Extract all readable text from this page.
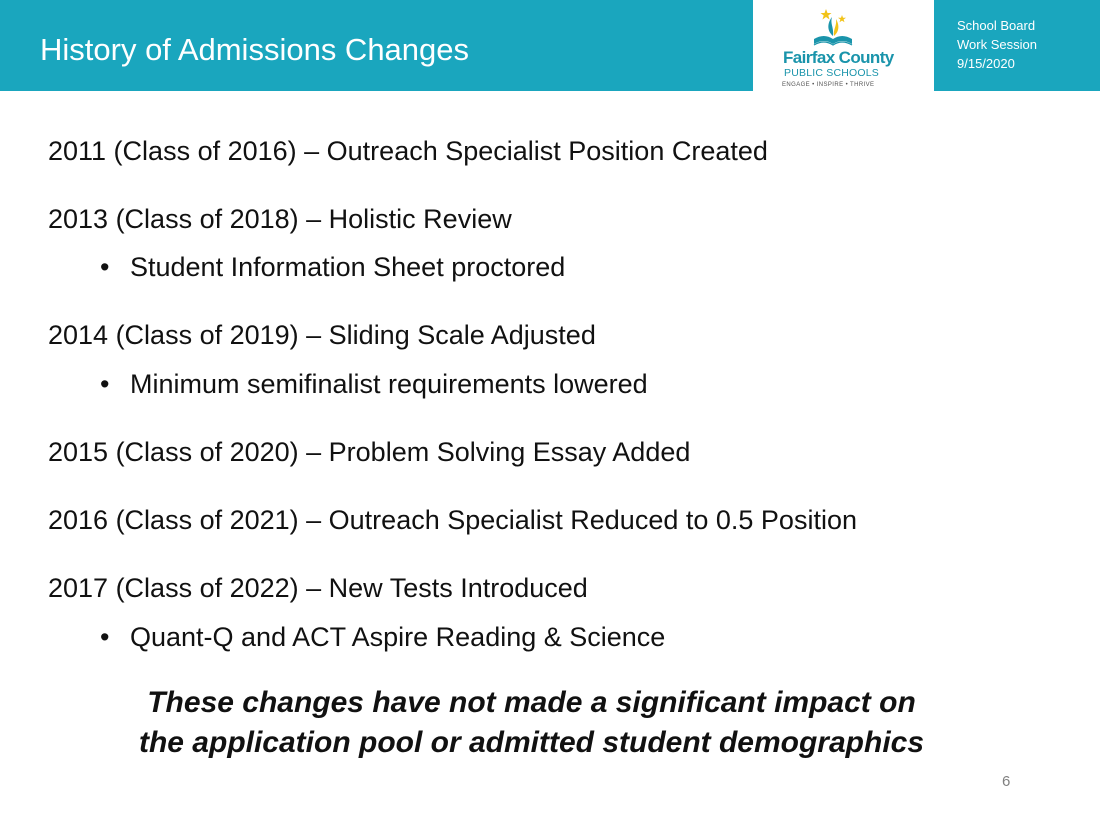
History of Admissions Changes	Fairfax County
PUBLIC SCHOOLS
ENGAGE • INSPIRE • THRIVE
School Board
Work Session
9/15/2020
2011 (Class of 2016) – Outreach Specialist Position Created
2013 (Class of 2018) – Holistic Review
• Student Information Sheet proctored
2014 (Class of 2019) – Sliding Scale Adjusted
• Minimum semifinalist requirements lowered
2015 (Class of 2020) – Problem Solving Essay Added
2016 (Class of 2021) – Outreach Specialist Reduced to 0.5 Position
2017 (Class of 2022) – New Tests Introduced
• Quant-Q and ACT Aspire Reading & Science
These changes have not made a significant impact on
the application pool or admitted student demographics
6
